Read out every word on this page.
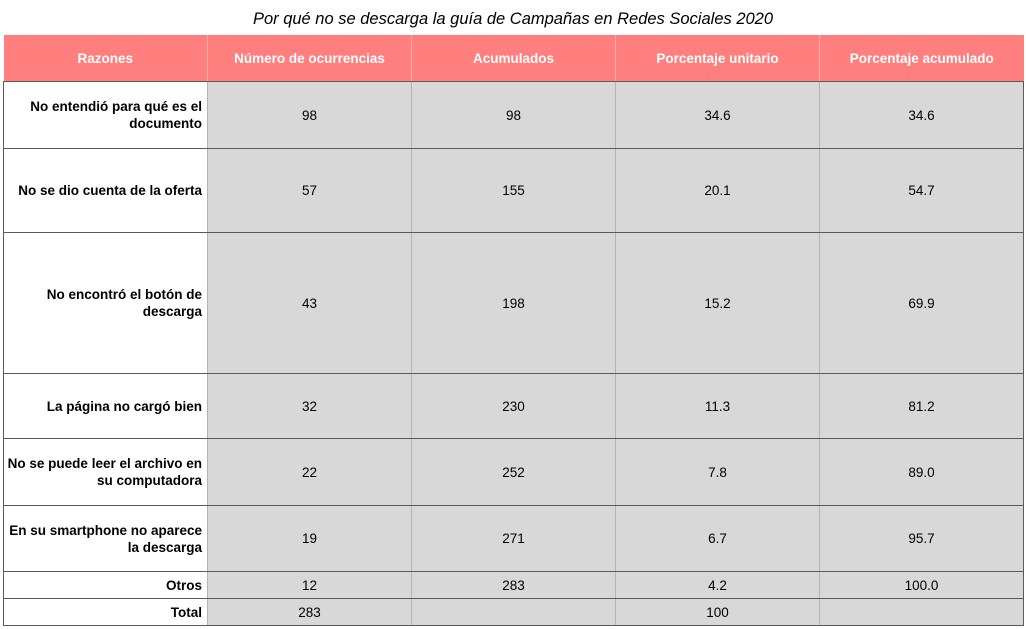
Por qué no se descarga la guía de Campañas en Redes Sociales 2020
Razones	Número de ocurrencias	Acumulados	Porcentaje unitario	Porcentaje acumulado
No entendió para qué es el documento	98	98	34.6	34.6
No se dio cuenta de la oferta	57	155	20.1	54.7
No encontró el botón de descarga	43	198	15.2	69.9
La página no cargó bien	32	230	11.3	81.2
No se puede leer el archivo en su computadora	22	252	7.8	89.0
En su smartphone no aparece la descarga	19	271	6.7	95.7
Otros	12	283	4.2	100.0
Total	283		100	
